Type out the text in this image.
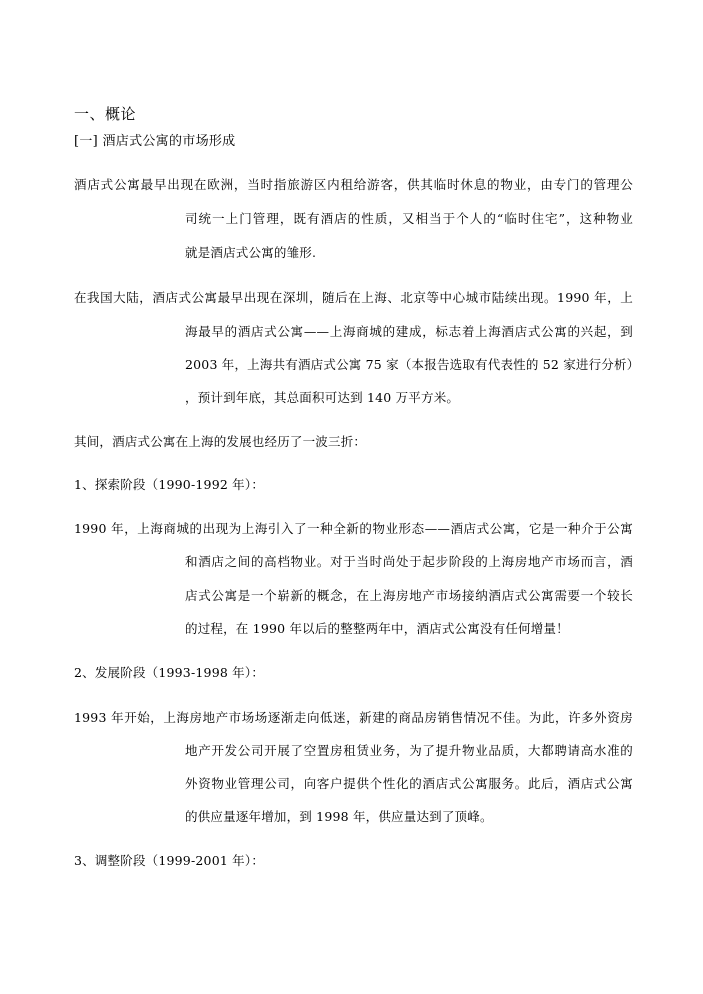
一、概论
[一] 酒店式公寓的市场形成
酒店式公寓最早出现在欧洲，当时指旅游区内租给游客，供其临时休息的物业，由专门的管理公
司统一上门管理，既有酒店的性质，又相当于个人的“临时住宅”，这种物业
就是酒店式公寓的雏形.
在我国大陆，酒店式公寓最早出现在深圳，随后在上海、北京等中心城市陆续出现。1990 年，上
海最早的酒店式公寓——上海商城的建成，标志着上海酒店式公寓的兴起，到
2003 年，上海共有酒店式公寓 75 家（本报告选取有代表性的 52 家进行分析）
，预计到年底，其总面积可达到 140 万平方米。
其间，酒店式公寓在上海的发展也经历了一波三折：
1、探索阶段（1990-1992 年）：
1990 年，上海商城的出现为上海引入了一种全新的物业形态——酒店式公寓，它是一种介于公寓
和酒店之间的高档物业。对于当时尚处于起步阶段的上海房地产市场而言，酒
店式公寓是一个崭新的概念，在上海房地产市场接纳酒店式公寓需要一个较长
的过程，在 1990 年以后的整整两年中，酒店式公寓没有任何增量！
2、发展阶段（1993-1998 年）：
1993 年开始，上海房地产市场场逐渐走向低迷，新建的商品房销售情况不佳。为此，许多外资房
地产开发公司开展了空置房租赁业务，为了提升物业品质，大都聘请高水准的
外资物业管理公司，向客户提供个性化的酒店式公寓服务。此后，酒店式公寓
的供应量逐年增加，到 1998 年，供应量达到了顶峰。
3、调整阶段（1999-2001 年）：
